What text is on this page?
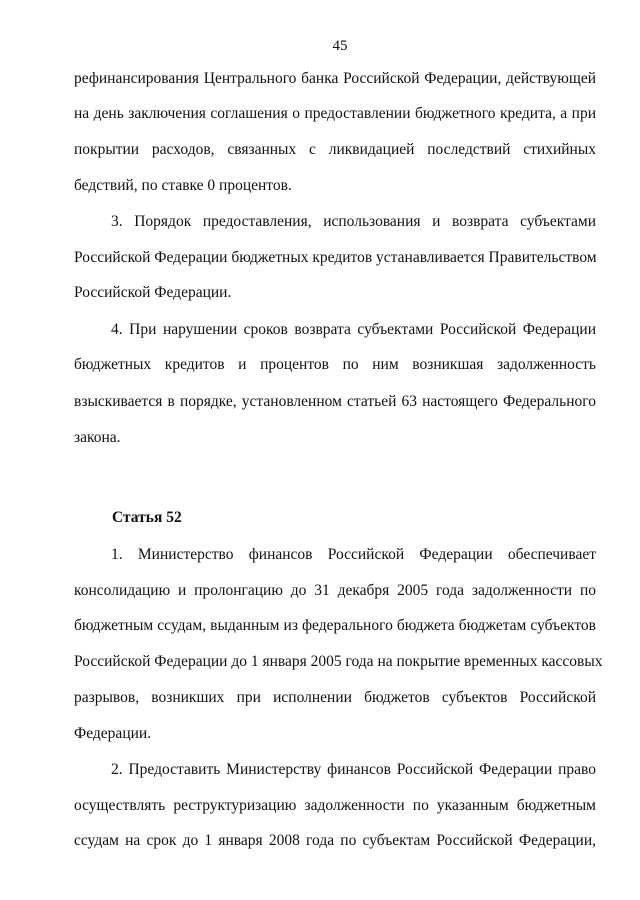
45
рефинансирования Центрального банка Российской Федерации, действующей
на день заключения соглашения о предоставлении бюджетного кредита, а при
покрытии расходов, связанных с ликвидацией последствий стихийных
бедствий, по ставке 0 процентов.
3. Порядок предоставления, использования и возврата субъектами
Российской Федерации бюджетных кредитов устанавливается Правительством
Российской Федерации.
4. При нарушении сроков возврата субъектами Российской Федерации
бюджетных кредитов и процентов по ним возникшая задолженность
взыскивается в порядке, установленном статьей 63 настоящего Федерального
закона.
Статья 52
1. Министерство финансов Российской Федерации обеспечивает
консолидацию и пролонгацию до 31 декабря 2005 года задолженности по
бюджетным ссудам, выданным из федерального бюджета бюджетам субъектов
Российской Федерации до 1 января 2005 года на покрытие временных кассовых
разрывов, возникших при исполнении бюджетов субъектов Российской
Федерации.
2. Предоставить Министерству финансов Российской Федерации право
осуществлять реструктуризацию задолженности по указанным бюджетным
ссудам на срок до 1 января 2008 года по субъектам Российской Федерации,
